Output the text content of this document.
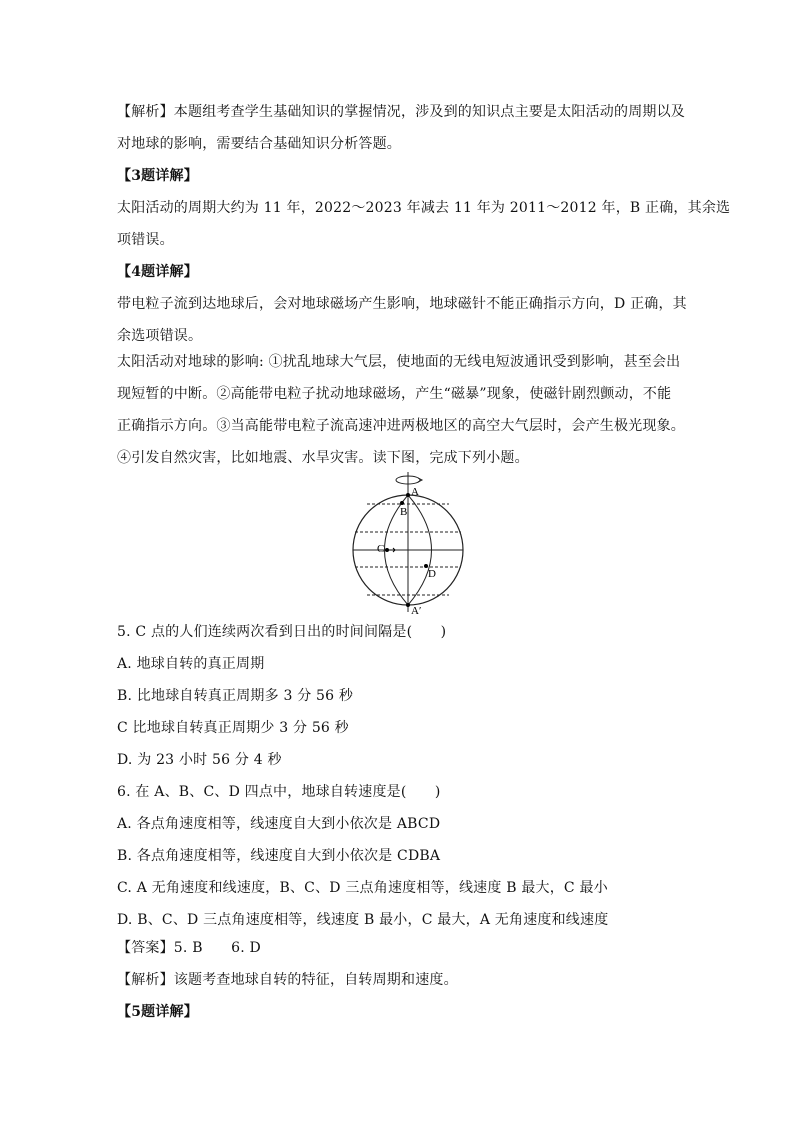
【解析】本题组考查学生基础知识的掌握情况，涉及到的知识点主要是太阳活动的周期以及
对地球的影响，需要结合基础知识分析答题。
【3题详解】
太阳活动的周期大约为 11 年，2022～2023 年减去 11 年为 2011～2012 年，B 正确，其余选
项错误。
【4题详解】
带电粒子流到达地球后，会对地球磁场产生影响，地球磁针不能正确指示方向，D 正确，其
余选项错误。
太阳活动对地球的影响: ①扰乱地球大气层，使地面的无线电短波通讯受到影响，甚至会出
现短暂的中断。②高能带电粒子扰动地球磁场，产生“磁暴”现象，使磁针剧烈颤动，不能
正确指示方向。③当高能带电粒子流高速冲进两极地区的高空大气层时，会产生极光现象。
④引发自然灾害，比如地震、水旱灾害。读下图，完成下列小题。
A
B
C
D
A′
5. C 点的人们连续两次看到日出的时间间隔是(　　)
A. 地球自转的真正周期
B. 比地球自转真正周期多 3 分 56 秒
C 比地球自转真正周期少 3 分 56 秒
D. 为 23 小时 56 分 4 秒
6. 在 A、B、C、D 四点中，地球自转速度是(　　)
A. 各点角速度相等，线速度自大到小依次是 ABCD
B. 各点角速度相等，线速度自大到小依次是 CDBA
C. A 无角速度和线速度，B、C、D 三点角速度相等，线速度 B 最大，C 最小
D. B、C、D 三点角速度相等，线速度 B 最小，C 最大，A 无角速度和线速度
【答案】5. B　　6. D
【解析】该题考查地球自转的特征，自转周期和速度。
【5题详解】
